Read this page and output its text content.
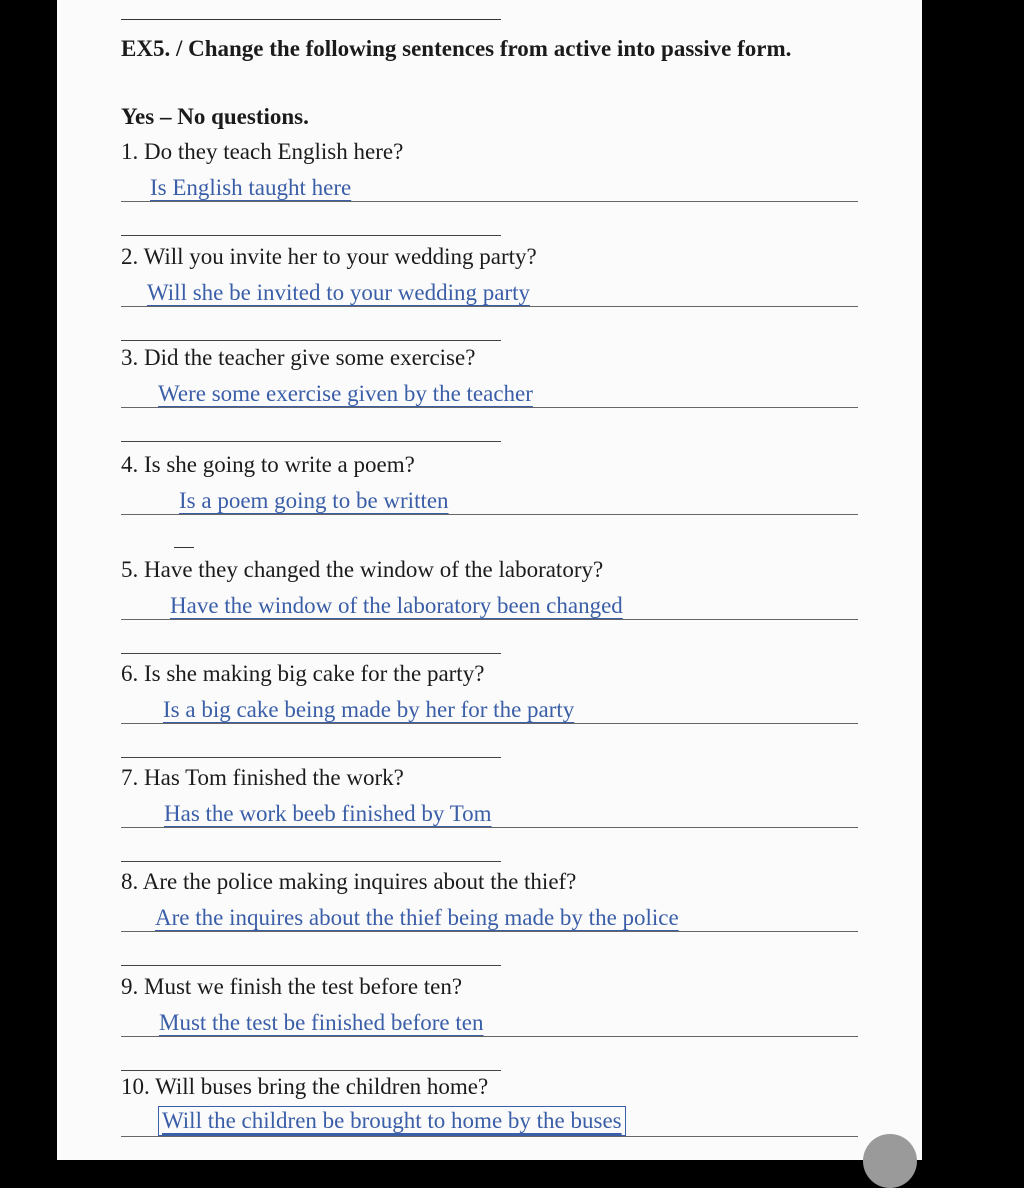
EX5. / Change the following sentences from active into passive form.
Yes – No questions.
1. Do they teach English here?
Is English taught here
2. Will you invite her to your wedding party?
Will she be invited to your wedding party
3. Did the teacher give some exercise?
Were some exercise given by the teacher
4. Is she going to write a poem?
Is a poem going to be written
5. Have they changed the window of the laboratory?
Have the window of the laboratory been changed
6. Is she making big cake for the party?
Is a big cake being made by her for the party
7. Has Tom finished the work?
Has the work beeb finished by Tom
8. Are the police making inquires about the thief?
Are the inquires about the thief being made by the police
9. Must we finish the test before ten?
Must the test be finished before ten
10. Will buses bring the children home?
Will the children be brought to home by the buses
